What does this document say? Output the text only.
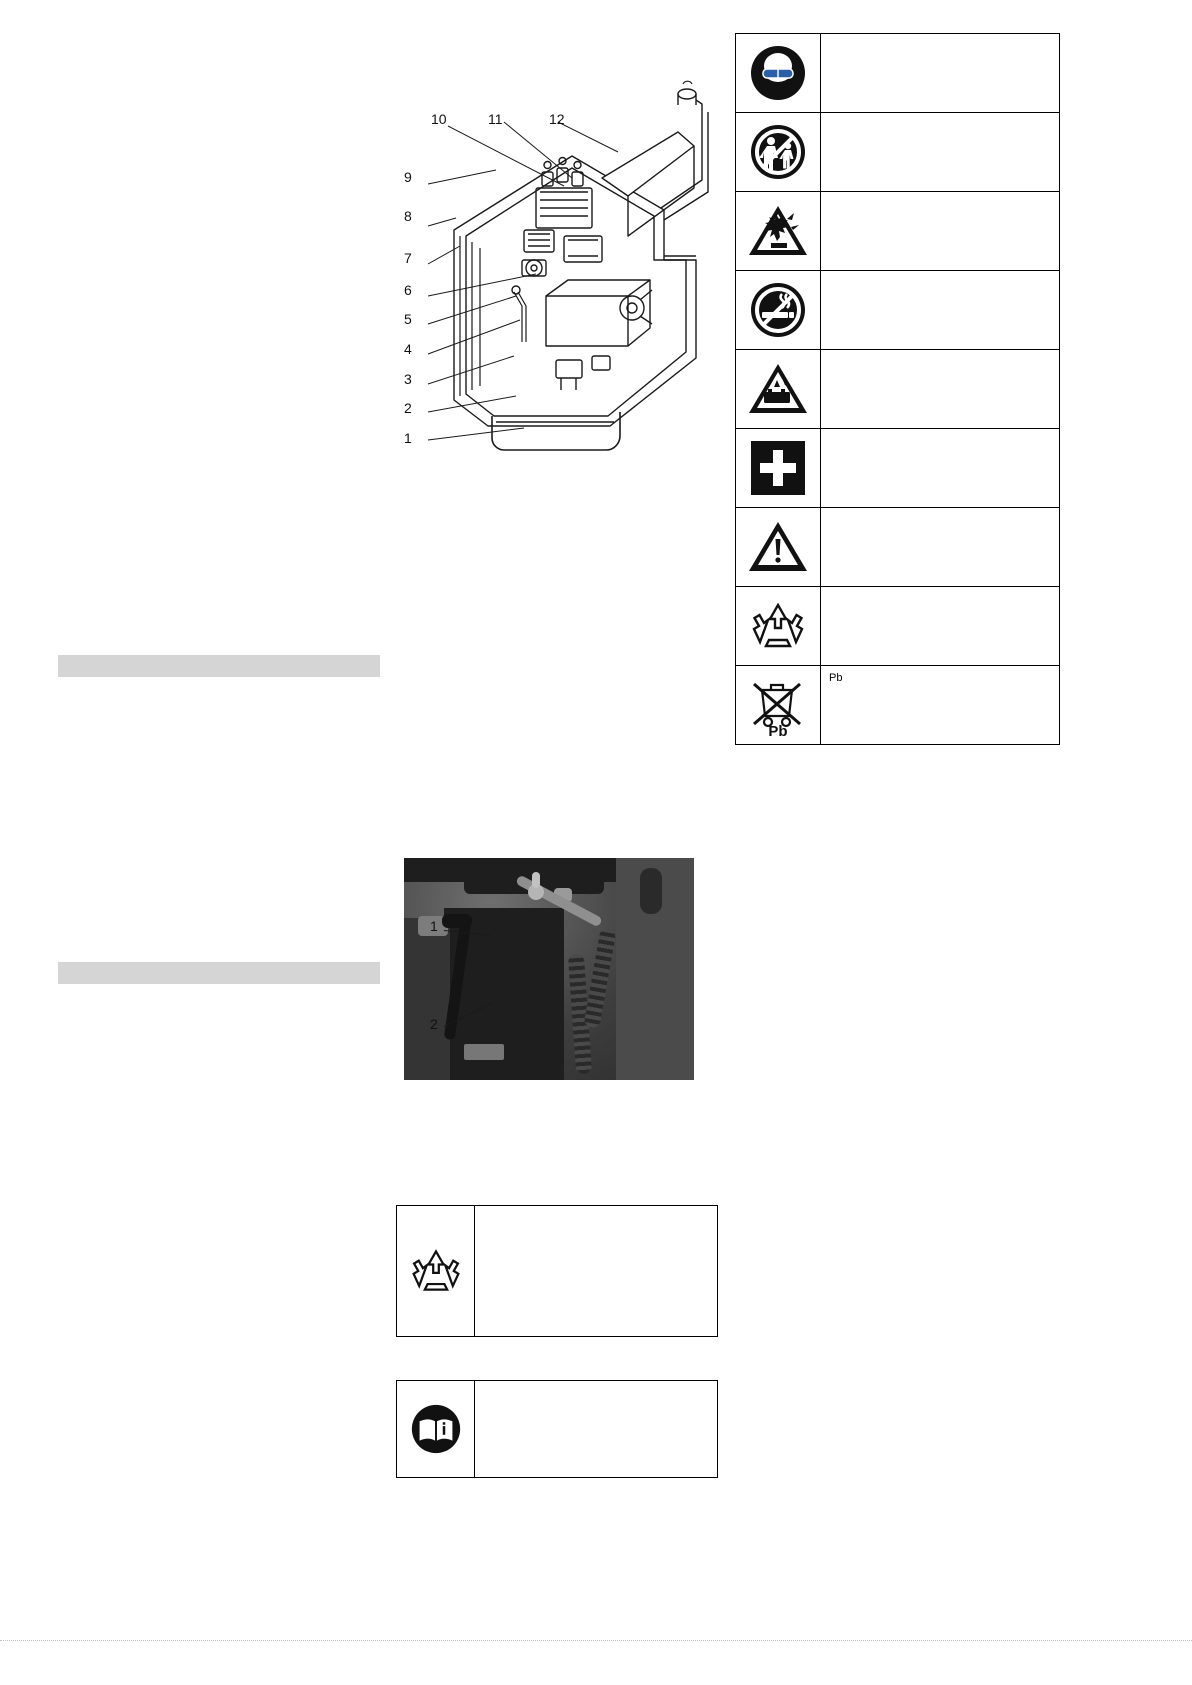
1
2
3
4
5
6
7
8
9
10	11	12
Pb
Pb
1
2
